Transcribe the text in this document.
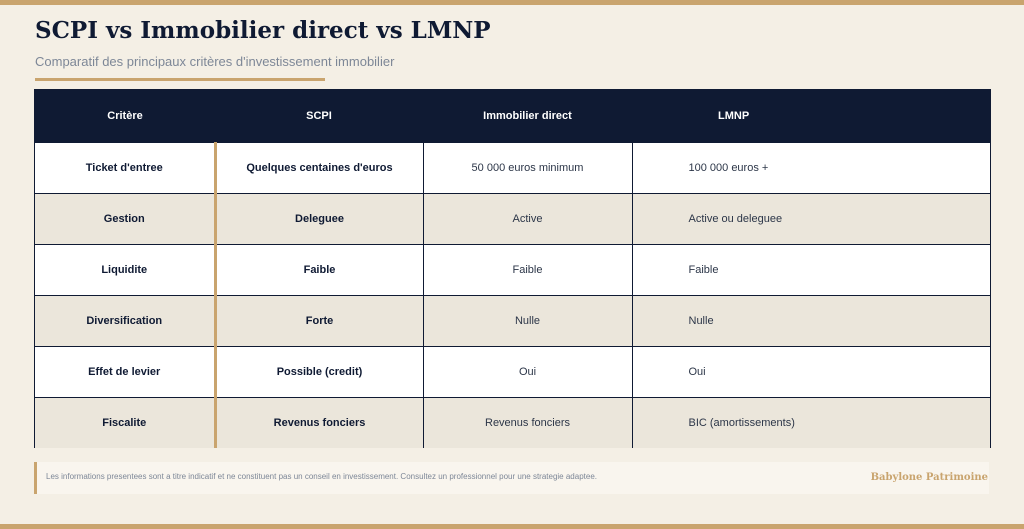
SCPI vs Immobilier direct vs LMNP

Comparatif des principaux critères d'investissement immobilier

Critère	SCPI	Immobilier direct	LMNP
Ticket d'entree	Quelques centaines d'euros	50 000 euros minimum	100 000 euros +
Gestion	Deleguee	Active	Active ou deleguee
Liquidite	Faible	Faible	Faible
Diversification	Forte	Nulle	Nulle
Effet de levier	Possible (credit)	Oui	Oui
Fiscalite	Revenus fonciers	Revenus fonciers	BIC (amortissements)
Les informations presentees sont a titre indicatif et ne constituent pas un conseil en investissement. Consultez un professionnel pour une strategie adaptee.	Babylone Patrimoine
